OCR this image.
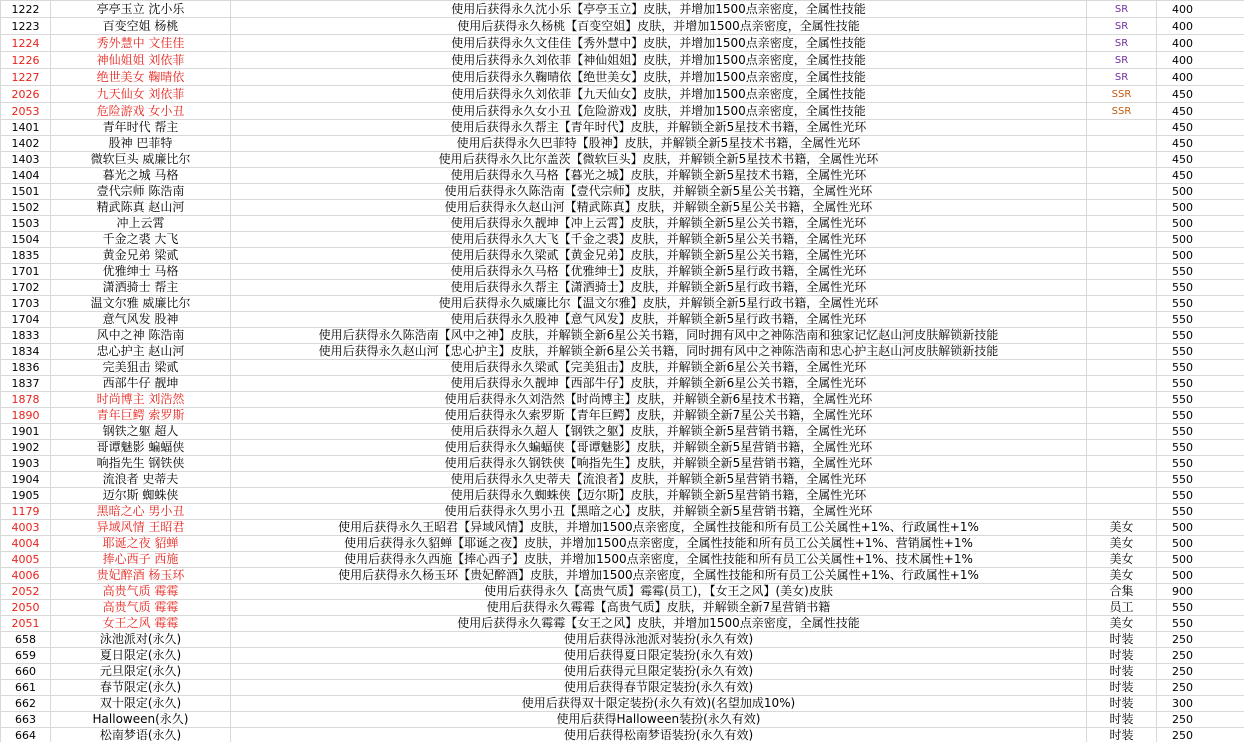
1222	亭亭玉立 沈小乐	使用后获得永久沈小乐【亭亭玉立】皮肤，并增加1500点亲密度，全属性技能	SR	400
1223	百变空姐 杨桃	使用后获得永久杨桃【百变空姐】皮肤，并增加1500点亲密度，全属性技能	SR	400
1224	秀外慧中 文佳佳	使用后获得永久文佳佳【秀外慧中】皮肤，并增加1500点亲密度，全属性技能	SR	400
1226	神仙姐姐 刘依菲	使用后获得永久刘依菲【神仙姐姐】皮肤，并增加1500点亲密度，全属性技能	SR	400
1227	绝世美女 鞠晴依	使用后获得永久鞠晴依【绝世美女】皮肤，并增加1500点亲密度，全属性技能	SR	400
2026	九天仙女 刘依菲	使用后获得永久刘依菲【九天仙女】皮肤，并增加1500点亲密度，全属性技能	SSR	450
2053	危险游戏 女小丑	使用后获得永久女小丑【危险游戏】皮肤，并增加1500点亲密度，全属性技能	SSR	450
1401	青年时代 帮主	使用后获得永久帮主【青年时代】皮肤，并解锁全新5星技术书籍，全属性光环		450
1402	股神 巴菲特	使用后获得永久巴菲特【股神】皮肤，并解锁全新5星技术书籍，全属性光环		450
1403	微软巨头 威廉比尔	使用后获得永久比尔盖茨【微软巨头】皮肤，并解锁全新5星技术书籍，全属性光环		450
1404	暮光之城 马格	使用后获得永久马格【暮光之城】皮肤，并解锁全新5星技术书籍，全属性光环		450
1501	壹代宗师 陈浩南	使用后获得永久陈浩南【壹代宗师】皮肤，并解锁全新5星公关书籍，全属性光环		500
1502	精武陈真 赵山河	使用后获得永久赵山河【精武陈真】皮肤，并解锁全新5星公关书籍，全属性光环		500
1503	冲上云霄	使用后获得永久靓坤【冲上云霄】皮肤，并解锁全新5星公关书籍，全属性光环		500
1504	千金之裘 大飞	使用后获得永久大飞【千金之裘】皮肤，并解锁全新5星公关书籍，全属性光环		500
1835	黄金兄弟 梁贰	使用后获得永久梁贰【黄金兄弟】皮肤，并解锁全新5星公关书籍，全属性光环		500
1701	优雅绅士 马格	使用后获得永久马格【优雅绅士】皮肤，并解锁全新5星行政书籍，全属性光环		550
1702	潇洒骑士 帮主	使用后获得永久帮主【潇洒骑士】皮肤，并解锁全新5星行政书籍，全属性光环		550
1703	温文尔雅 威廉比尔	使用后获得永久威廉比尔【温文尔雅】皮肤，并解锁全新5星行政书籍，全属性光环		550
1704	意气风发 股神	使用后获得永久股神【意气风发】皮肤，并解锁全新5星行政书籍，全属性光环		550
1833	风中之神 陈浩南	使用后获得永久陈浩南【风中之神】皮肤，并解锁全新6星公关书籍，同时拥有风中之神陈浩南和独家记忆赵山河皮肤解锁新技能		550
1834	忠心护主 赵山河	使用后获得永久赵山河【忠心护主】皮肤，并解锁全新6星公关书籍，同时拥有风中之神陈浩南和忠心护主赵山河皮肤解锁新技能		550
1836	完美狙击 梁贰	使用后获得永久梁贰【完美狙击】皮肤，并解锁全新6星公关书籍，全属性光环		550
1837	西部牛仔 靓坤	使用后获得永久靓坤【西部牛仔】皮肤，并解锁全新6星公关书籍，全属性光环		550
1878	时尚博主 刘浩然	使用后获得永久刘浩然【时尚博主】皮肤，并解锁全新6星技术书籍，全属性光环		550
1890	青年巨鳄 索罗斯	使用后获得永久索罗斯【青年巨鳄】皮肤，并解锁全新7星公关书籍，全属性光环		550
1901	钢铁之躯 超人	使用后获得永久超人【钢铁之躯】皮肤，并解锁全新5星营销书籍，全属性光环		550
1902	哥谭魅影 蝙蝠侠	使用后获得永久蝙蝠侠【哥谭魅影】皮肤，并解锁全新5星营销书籍，全属性光环		550
1903	响指先生 钢铁侠	使用后获得永久钢铁侠【响指先生】皮肤，并解锁全新5星营销书籍，全属性光环		550
1904	流浪者 史蒂夫	使用后获得永久史蒂夫【流浪者】皮肤，并解锁全新5星营销书籍，全属性光环		550
1905	迈尔斯 蜘蛛侠	使用后获得永久蜘蛛侠【迈尔斯】皮肤，并解锁全新5星营销书籍，全属性光环		550
1179	黑暗之心 男小丑	使用后获得永久男小丑【黑暗之心】皮肤，并解锁全新5星营销书籍，全属性光环		550
4003	异域风情 王昭君	使用后获得永久王昭君【异域风情】皮肤，并增加1500点亲密度，全属性技能和所有员工公关属性+1%、行政属性+1%	美女	500
4004	耶诞之夜 貂蝉	使用后获得永久貂蝉【耶诞之夜】皮肤，并增加1500点亲密度，全属性技能和所有员工公关属性+1%、营销属性+1%	美女	500
4005	捧心西子 西施	使用后获得永久西施【捧心西子】皮肤，并增加1500点亲密度，全属性技能和所有员工公关属性+1%、技术属性+1%	美女	500
4006	贵妃醉酒 杨玉环	使用后获得永久杨玉环【贵妃醉酒】皮肤，并增加1500点亲密度，全属性技能和所有员工公关属性+1%、行政属性+1%	美女	500
2052	高贵气质 霉霉	使用后获得永久【高贵气质】霉霉(员工)，【女王之风】(美女)皮肤	合集	900
2050	高贵气质 霉霉	使用后获得永久霉霉【高贵气质】皮肤，并解锁全新7星营销书籍	员工	550
2051	女王之风 霉霉	使用后获得永久霉霉【女王之风】皮肤，并增加1500点亲密度，全属性技能	美女	550
658	泳池派对(永久)	使用后获得泳池派对装扮(永久有效)	时装	250
659	夏日限定(永久)	使用后获得夏日限定装扮(永久有效)	时装	250
660	元旦限定(永久)	使用后获得元旦限定装扮(永久有效)	时装	250
661	春节限定(永久)	使用后获得春节限定装扮(永久有效)	时装	250
662	双十限定(永久)	使用后获得双十限定装扮(永久有效)(名望加成10%)	时装	300
663	Halloween(永久)	使用后获得Halloween装扮(永久有效)	时装	250
664	松南梦语(永久)	使用后获得松南梦语装扮(永久有效)	时装	250
